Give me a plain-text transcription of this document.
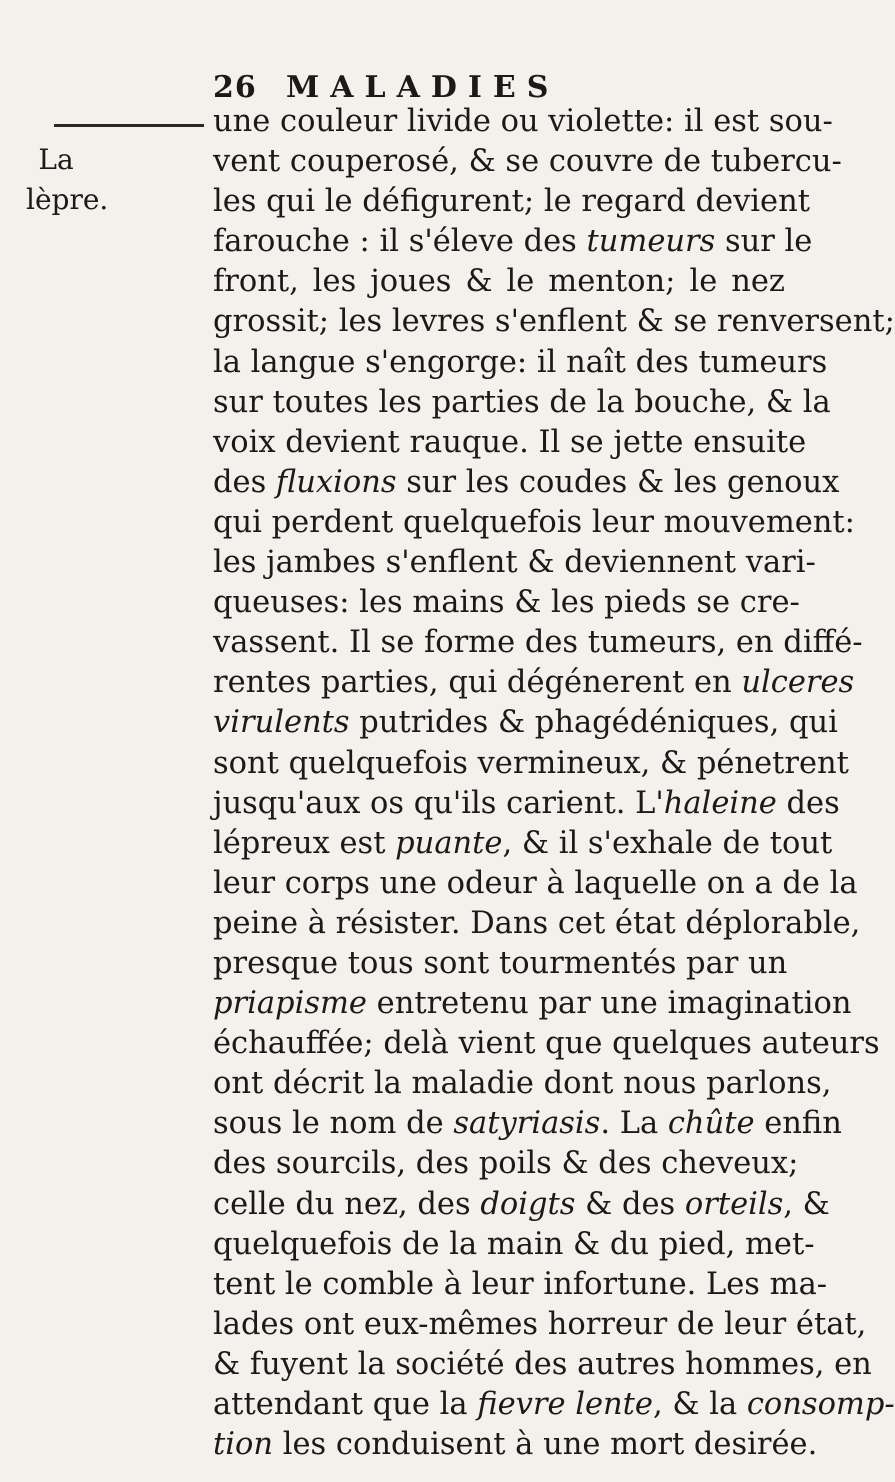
26 MALADIES
La
lèpre.
une couleur livide ou violette: il est sou-
vent couperosé, & se couvre de tubercu-
les qui le défigurent; le regard devient
farouche : il s'éleve des tumeurs sur le
front, les joues & le menton; le nez
grossit; les levres s'enflent & se renversent;
la langue s'engorge: il naît des tumeurs
sur toutes les parties de la bouche, & la
voix devient rauque. Il se jette ensuite
des fluxions sur les coudes & les genoux
qui perdent quelquefois leur mouvement:
les jambes s'enflent & deviennent vari-
queuses: les mains & les pieds se cre-
vassent. Il se forme des tumeurs, en diffé-
rentes parties, qui dégénerent en ulceres
virulents putrides & phagédéniques, qui
sont quelquefois vermineux, & pénetrent
jusqu'aux os qu'ils carient. L'haleine des
lépreux est puante, & il s'exhale de tout
leur corps une odeur à laquelle on a de la
peine à résister. Dans cet état déplorable,
presque tous sont tourmentés par un
priapisme entretenu par une imagination
échauffée; delà vient que quelques auteurs
ont décrit la maladie dont nous parlons,
sous le nom de satyriasis. La chûte enfin
des sourcils, des poils & des cheveux;
celle du nez, des doigts & des orteils, &
quelquefois de la main & du pied, met-
tent le comble à leur infortune. Les ma-
lades ont eux-mêmes horreur de leur état,
& fuyent la société des autres hommes, en
attendant que la fievre lente, & la consomp-
tion les conduisent à une mort desirée.
